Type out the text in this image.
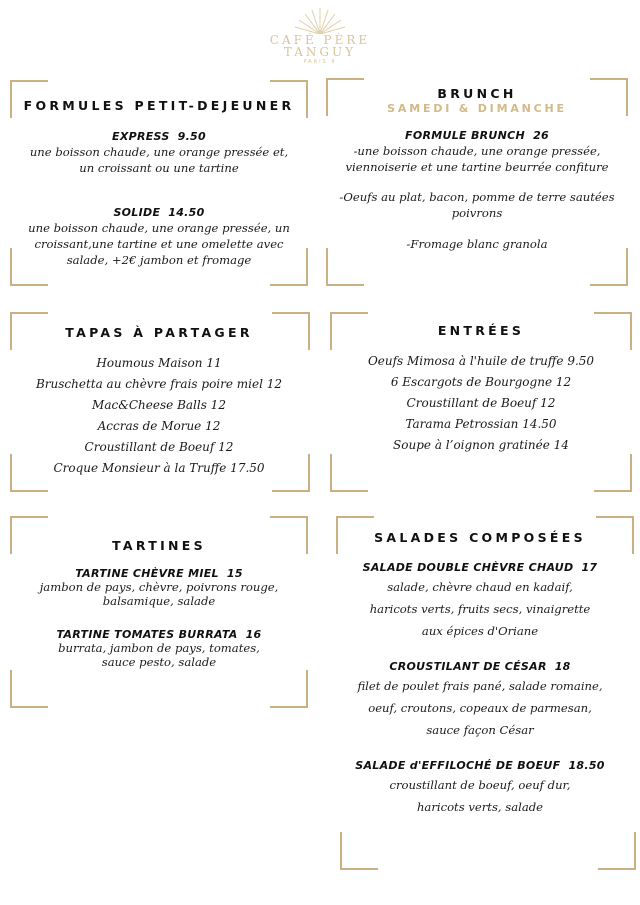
CAFÉ PÈRE
TANGUY
PARIS 9
FORMULES PETIT-DEJEUNER
EXPRESS 9.50
une boisson chaude, une orange pressée et,
un croissant ou une tartine
SOLIDE 14.50
une boisson chaude, une orange pressée, un
croissant,une tartine et une omelette avec
salade, +2€ jambon et fromage
BRUNCH
SAMEDI & DIMANCHE
FORMULE BRUNCH 26
-une boisson chaude, une orange pressée,
viennoiserie et une tartine beurrée confiture
-Oeufs au plat, bacon, pomme de terre sautées
poivrons
-Fromage blanc granola
TAPAS À PARTAGER
Houmous Maison 11
Bruschetta au chèvre frais poire miel 12
Mac&Cheese Balls 12
Accras de Morue 12
Croustillant de Boeuf 12
Croque Monsieur à la Truffe 17.50
ENTRÉES
Oeufs Mimosa à l'huile de truffe 9.50
6 Escargots de Bourgogne 12
Croustillant de Boeuf 12
Tarama Petrossian 14.50
Soupe à l’oignon gratinée 14
TARTINES
TARTINE CHÈVRE MIEL 15
jambon de pays, chèvre, poivrons rouge,
balsamique, salade
TARTINE TOMATES BURRATA 16
burrata, jambon de pays, tomates,
sauce pesto, salade
SALADES COMPOSÉES
SALADE DOUBLE CHÈVRE CHAUD 17
salade, chèvre chaud en kadaif,
haricots verts, fruits secs, vinaigrette
aux épices d'Oriane
CROUSTILANT DE CÉSAR 18
filet de poulet frais pané, salade romaine,
oeuf, croutons, copeaux de parmesan,
sauce façon César
SALADE d'EFFILOCHÉ DE BOEUF 18.50
croustillant de boeuf, oeuf dur,
haricots verts, salade
